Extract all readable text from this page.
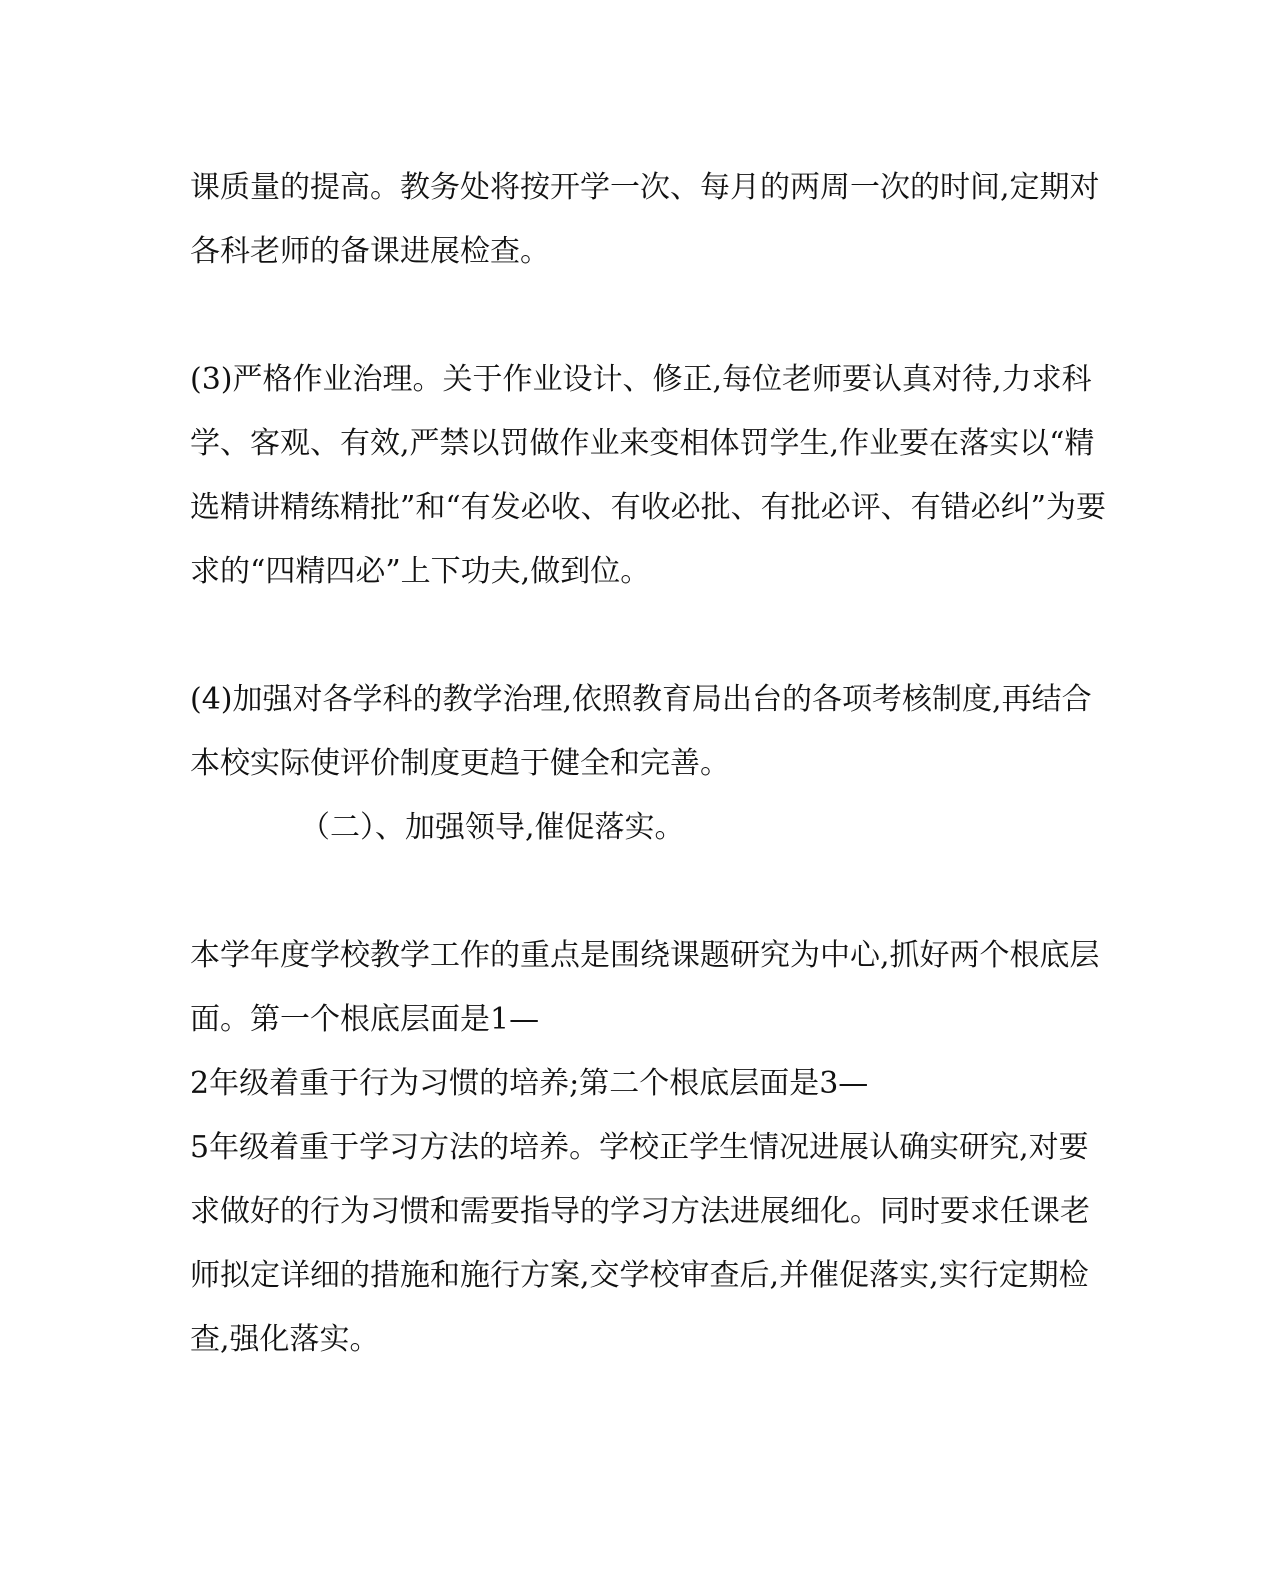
课质量的提高。教务处将按开学一次、每月的两周一次的时间,定期对
各科老师的备课进展检查。
(3)严格作业治理。关于作业设计、修正,每位老师要认真对待,力求科
学、客观、有效,严禁以罚做作业来变相体罚学生,作业要在落实以“精
选精讲精练精批”和“有发必收、有收必批、有批必评、有错必纠”为要
求的“四精四必”上下功夫,做到位。
(4)加强对各学科的教学治理,依照教育局出台的各项考核制度,再结合
本校实际使评价制度更趋于健全和完善。
（二）、加强领导,催促落实。
本学年度学校教学工作的重点是围绕课题研究为中心,抓好两个根底层
面。第一个根底层面是1—
2年级着重于行为习惯的培养;第二个根底层面是3—
5年级着重于学习方法的培养。学校正学生情况进展认确实研究,对要
求做好的行为习惯和需要指导的学习方法进展细化。同时要求任课老
师拟定详细的措施和施行方案,交学校审查后,并催促落实,实行定期检
查,强化落实。
